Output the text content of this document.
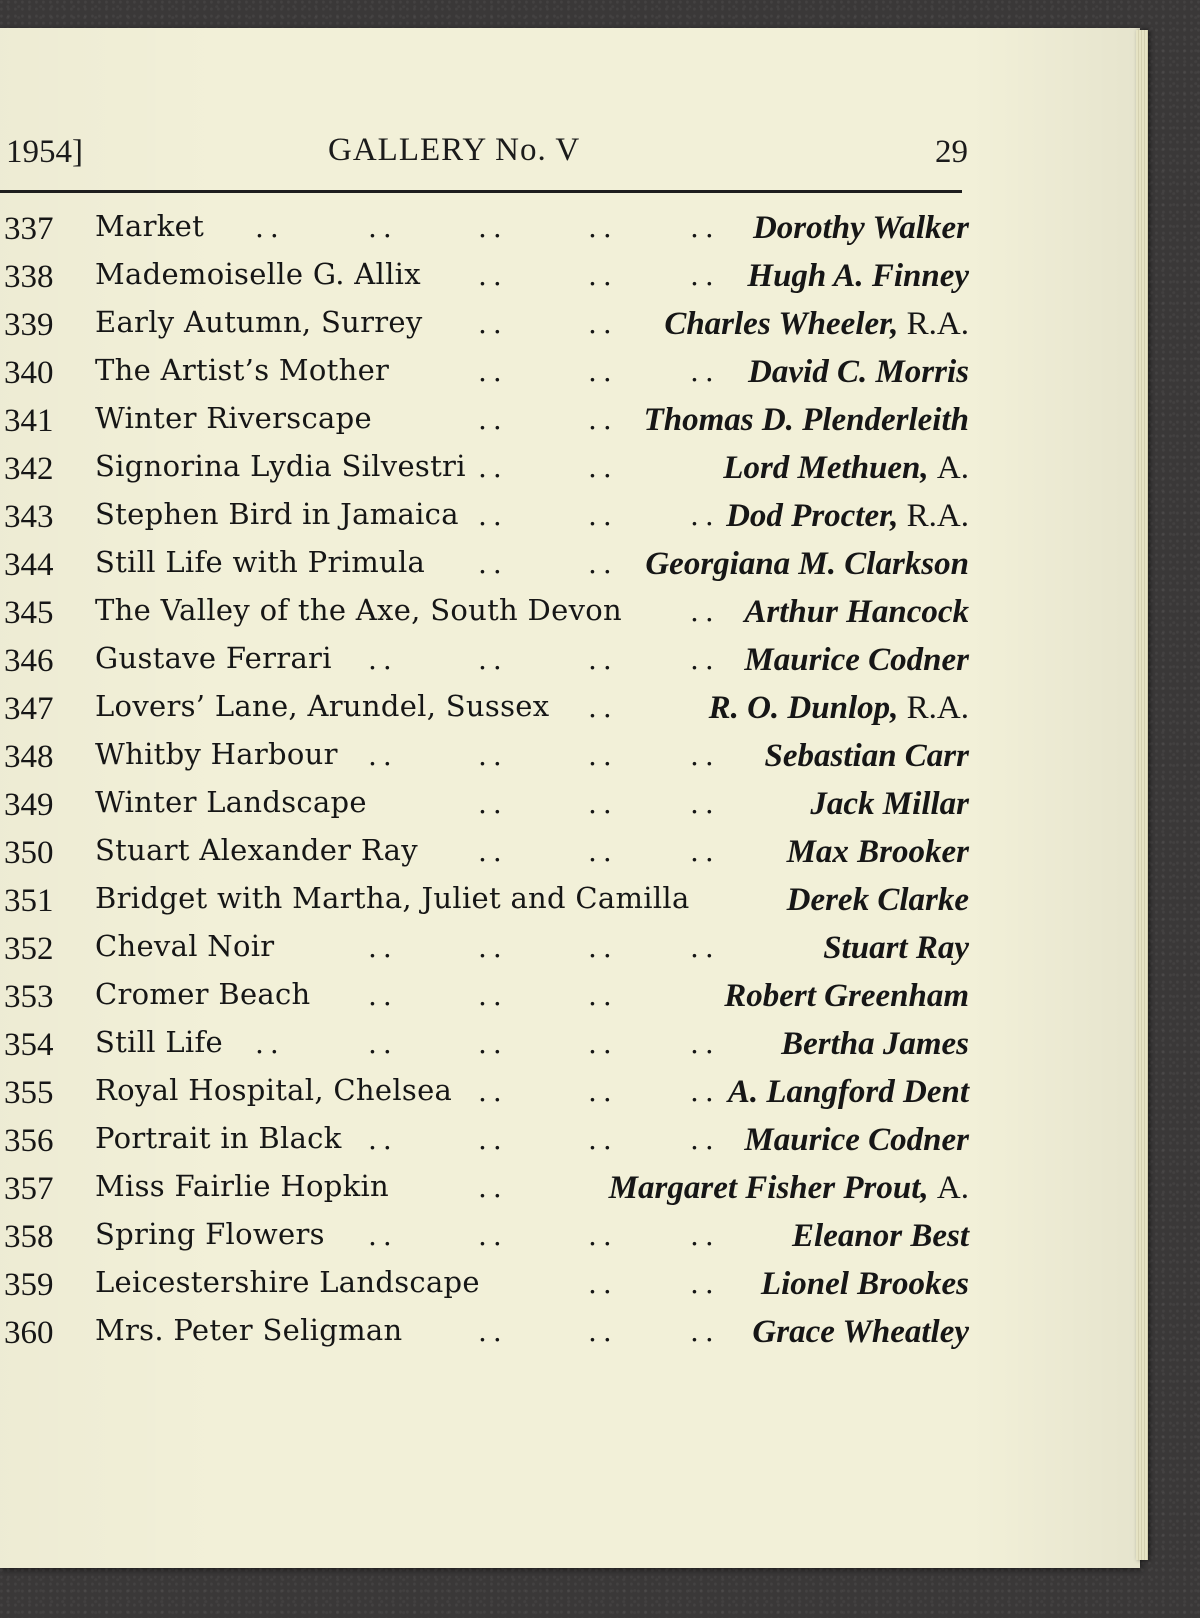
1954]	GALLERY No. V	29
337	Market ..	..	..	..	.. Dorothy Walker
338	Mademoiselle G. Allix ..	..	.. Hugh A. Finney
339	Early Autumn, Surrey ..	.. Charles Wheeler, R.A.
340	The Artist’s Mother	..	..	.. David C. Morris
341	Winter Riverscape	..	.. Thomas D. Plenderleith
342	Signorina Lydia Silvestri ..	..	Lord Methuen, A.
343	Stephen Bird in Jamaica ..	..	.. Dod Procter, R.A.
344	Still Life with Primula ..	.. Georgiana M. Clarkson
345	The Valley of the Axe, South Devon .. Arthur Hancock
346	Gustave Ferrari ..	..	..	.. Maurice Codner
347	Lovers’ Lane, Arundel, Sussex ..	R. O. Dunlop, R.A.
348	Whitby Harbour ..	..	..	.. Sebastian Carr
349	Winter Landscape	..	..	..	Jack Millar
350	Stuart Alexander Ray ..	..	.. Max Brooker
351	Bridget with Martha, Juliet and Camilla	Derek Clarke
352	Cheval Noir	..	..	..	..	Stuart Ray
353	Cromer Beach ..	..	..	Robert Greenham
354	Still Life ..	..	..	..	.. Bertha James
355	Royal Hospital, Chelsea ..	..	.. A. Langford Dent
356	Portrait in Black ..	..	..	.. Maurice Codner
357	Miss Fairlie Hopkin	..	Margaret Fisher Prout, A.
358	Spring Flowers ..	..	..	.. Eleanor Best
359	Leicestershire Landscape	..	.. Lionel Brookes
360	Mrs. Peter Seligman	..	..	.. Grace Wheatley
